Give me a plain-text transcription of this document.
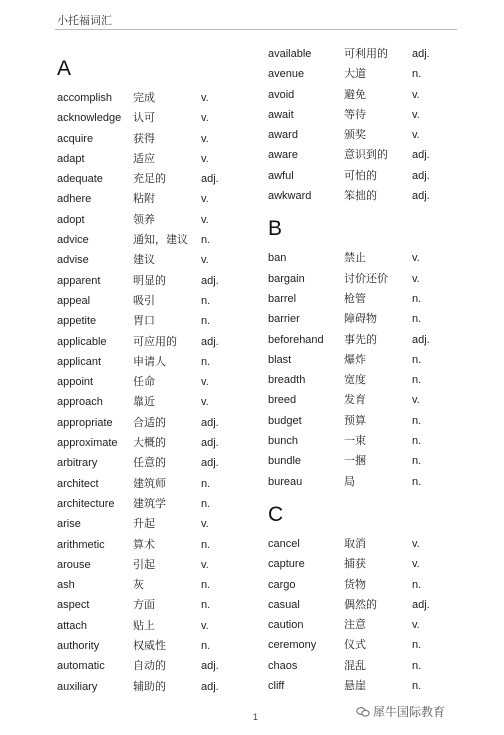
小托福词汇
A
accomplish 完成	v.
acknowledge 认可	v.
acquire	获得	v.
adapt	适应	v.
adequate	充足的	adj.
adhere	粘附	v.
adopt	领养	v.
advice	通知，建议 n.
advise	建议	v.
apparent	明显的	adj.
appeal	吸引	n.
appetite	胃口	n.
applicable 可应用的 adj.
applicant	申请人	n.
appoint	任命	v.
approach	靠近	v.
appropriate 合适的	adj.
approximate 大概的	adj.
arbitrary	任意的	adj.
architect	建筑师	n.
architecture 建筑学	n.
arise	升起	v.
arithmetic	算术	n.
arouse	引起	v.
ash	灰	n.
aspect	方面	n.
attach	贴上	v.
authority	权威性	n.
automatic	自动的	adj.
auxiliary	辅助的	adj.
available	可利用的 adj.
avenue	大道	n.
avoid	避免	v.
await	等待	v.
award	颁奖	v.
aware	意识到的 adj.
awful	可怕的	adj.
awkward	笨拙的	adj.
B
ban	禁止	v.
bargain	讨价还价 v.
barrel	枪管	n.
barrier	障碍物	n.
beforehand 事先的	adj.
blast	爆炸	n.
breadth	宽度	n.
breed	发育	v.
budget	预算	n.
bunch	一束	n.
bundle	一捆	n.
bureau	局	n.
C
cancel	取消	v.
capture	捕获	v.
cargo	货物	n.
casual	偶然的	adj.
caution	注意	v.
ceremony	仪式	n.
chaos	混乱	n.
cliff	悬崖	n.
1	犀牛国际教育
